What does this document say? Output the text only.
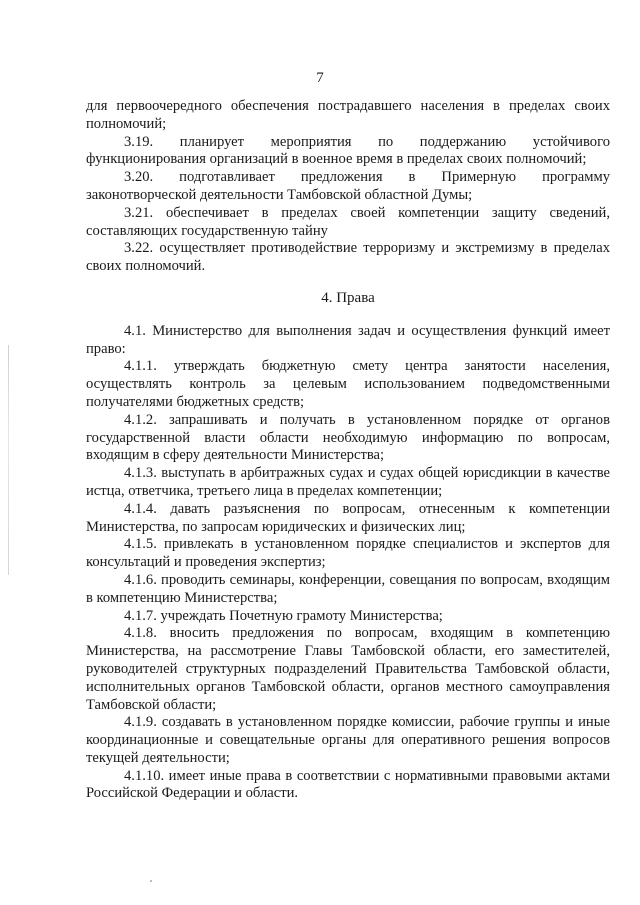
7

для первоочередного обеспечения пострадавшего населения в пределах своих полномочий;

3.19. планирует мероприятия по поддержанию устойчивого функционирования организаций в военное время в пределах своих полномочий;

3.20. подготавливает предложения в Примерную программу законотворческой деятельности Тамбовской областной Думы;

3.21. обеспечивает в пределах своей компетенции защиту сведений, составляющих государственную тайну

3.22. осуществляет противодействие терроризму и экстремизму в пределах своих полномочий.

4. Права

4.1. Министерство для выполнения задач и осуществления функций имеет право:

4.1.1. утверждать бюджетную смету центра занятости населения, осуществлять контроль за целевым использованием подведомственными получателями бюджетных средств;

4.1.2. запрашивать и получать в установленном порядке от органов государственной власти области необходимую информацию по вопросам, входящим в сферу деятельности Министерства;

4.1.3. выступать в арбитражных судах и судах общей юрисдикции в качестве истца, ответчика, третьего лица в пределах компетенции;

4.1.4. давать разъяснения по вопросам, отнесенным к компетенции Министерства, по запросам юридических и физических лиц;

4.1.5. привлекать в установленном порядке специалистов и экспертов для консультаций и проведения экспертиз;

4.1.6. проводить семинары, конференции, совещания по вопросам, входящим в компетенцию Министерства;

4.1.7. учреждать Почетную грамоту Министерства;

4.1.8. вносить предложения по вопросам, входящим в компетенцию Министерства, на рассмотрение Главы Тамбовской области, его заместителей, руководителей структурных подразделений Правительства Тамбовской области, исполнительных органов Тамбовской области, органов местного самоуправления Тамбовской области;

4.1.9. создавать в установленном порядке комиссии, рабочие группы и иные координационные и совещательные органы для оперативного решения вопросов текущей деятельности;

4.1.10. имеет иные права в соответствии с нормативными правовыми актами Российской Федерации и области.
